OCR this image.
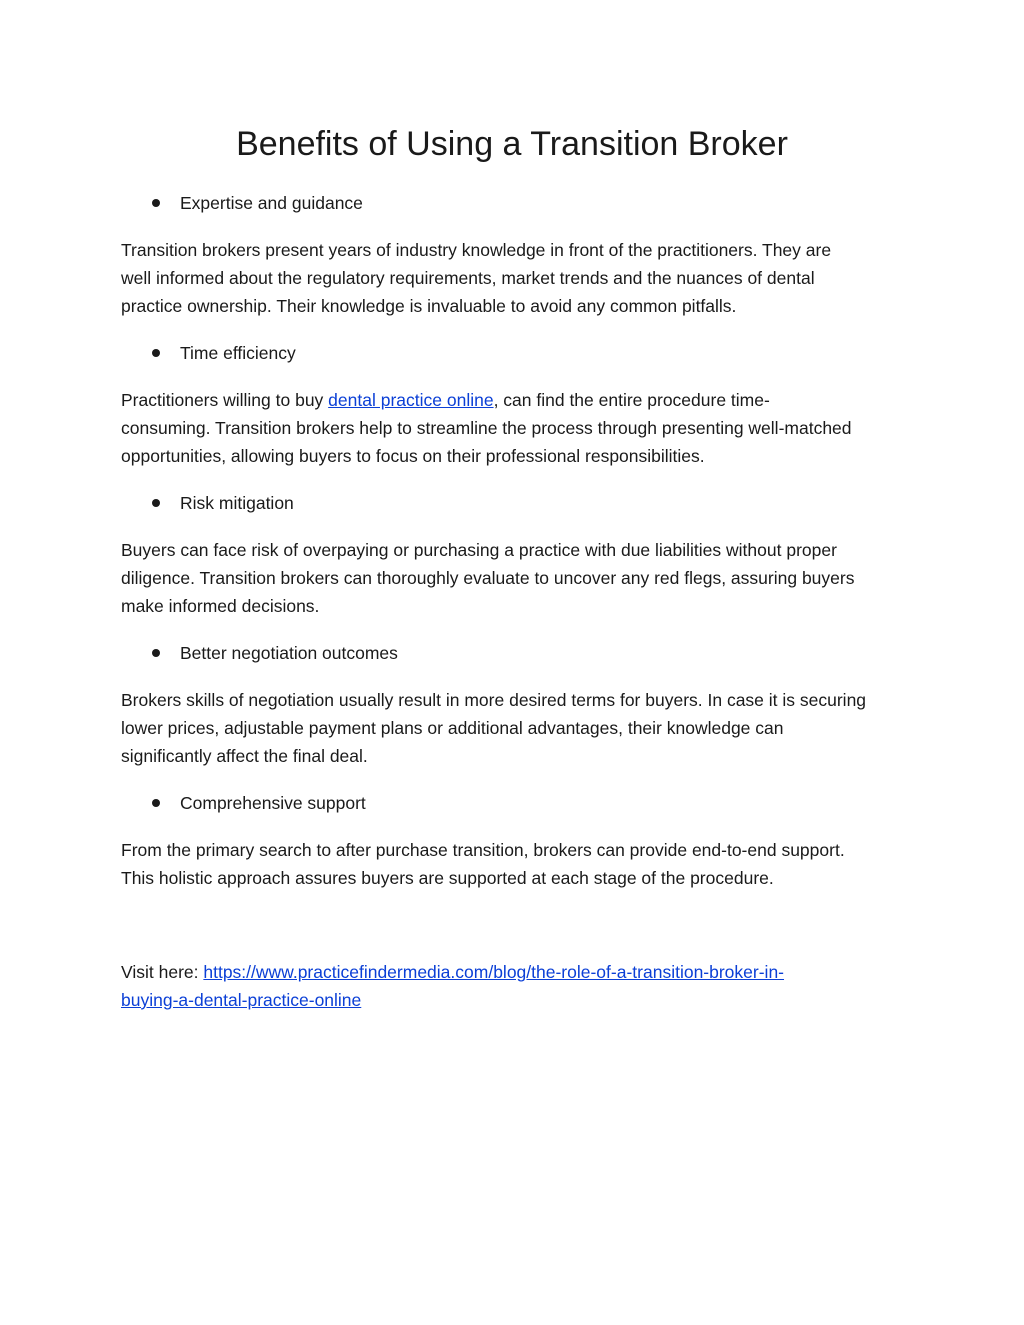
Benefits of Using a Transition Broker
Expertise and guidance
Transition brokers present years of industry knowledge in front of the practitioners. They are
well informed about the regulatory requirements, market trends and the nuances of dental
practice ownership. Their knowledge is invaluable to avoid any common pitfalls.
Time efficiency
Practitioners willing to buy dental practice online, can find the entire procedure time-
consuming. Transition brokers help to streamline the process through presenting well-matched
opportunities, allowing buyers to focus on their professional responsibilities.
Risk mitigation
Buyers can face risk of overpaying or purchasing a practice with due liabilities without proper
diligence. Transition brokers can thoroughly evaluate to uncover any red flegs, assuring buyers
make informed decisions.
Better negotiation outcomes
Brokers skills of negotiation usually result in more desired terms for buyers. In case it is securing
lower prices, adjustable payment plans or additional advantages, their knowledge can
significantly affect the final deal.
Comprehensive support
From the primary search to after purchase transition, brokers can provide end-to-end support.
This holistic approach assures buyers are supported at each stage of the procedure.
Visit here: https://www.practicefindermedia.com/blog/the-role-of-a-transition-broker-in-
buying-a-dental-practice-online
